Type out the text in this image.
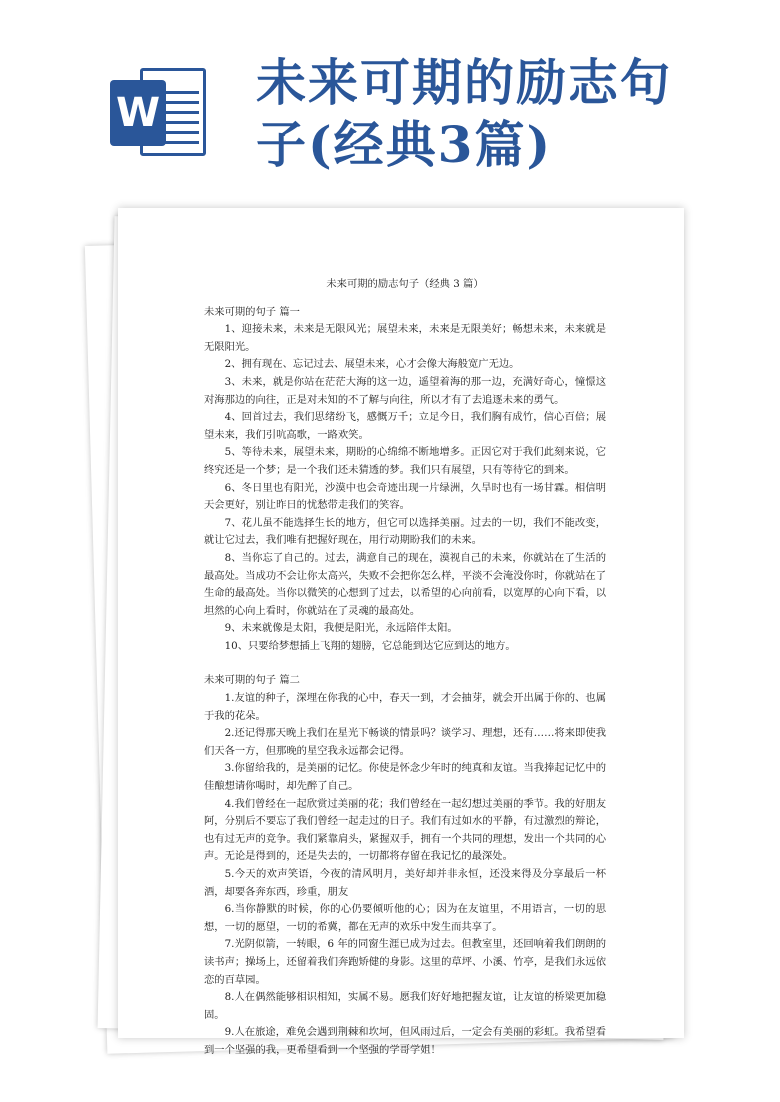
W
未来可期的励志句
子(经典3篇)
未来可期的励志句子（经典 3 篇）

未来可期的句子 篇一

1、迎接未来，未来是无限风光；展望未来，未来是无限美好；畅想未来，未来就是无限阳光。

2、拥有现在、忘记过去、展望未来，心才会像大海般宽广无边。

3、未来，就是你站在茫茫大海的这一边，遥望着海的那一边，充满好奇心，憧憬这对海那边的向往，正是对未知的不了解与向往，所以才有了去追逐未来的勇气。

4、回首过去，我们思绪纷飞，感慨万千；立足今日，我们胸有成竹，信心百倍；展望未来，我们引吭高歌，一路欢笑。

5、等待未来，展望未来，期盼的心绵绵不断地增多。正因它对于我们此刻来说，它终究还是一个梦；是一个我们还未猜透的梦。我们只有展望，只有等待它的到来。

6、冬日里也有阳光，沙漠中也会奇迹出现一片绿洲，久旱时也有一场甘霖。相信明天会更好，别让昨日的忧愁带走我们的笑容。

7、花儿虽不能选择生长的地方，但它可以选择美丽。过去的一切，我们不能改变，就让它过去，我们唯有把握好现在，用行动期盼我们的未来。

8、当你忘了自己的。过去，满意自己的现在，漠视自己的未来，你就站在了生活的最高处。当成功不会让你太高兴，失败不会把你怎么样，平淡不会淹没你时，你就站在了生命的最高处。当你以微笑的心想到了过去，以希望的心向前看，以宽厚的心向下看，以坦然的心向上看时，你就站在了灵魂的最高处。

9、未来就像是太阳，我便是阳光，永远陪伴太阳。

10、只要给梦想插上飞翔的翅膀，它总能到达它应到达的地方。

未来可期的句子 篇二

1.友谊的种子，深埋在你我的心中，春天一到，才会抽芽，就会开出属于你的、也属于我的花朵。

2.还记得那天晚上我们在星光下畅谈的情景吗？谈学习、理想，还有……将来即使我们天各一方，但那晚的星空我永远都会记得。

3.你留给我的，是美丽的记忆。你使是怀念少年时的纯真和友谊。当我捧起记忆中的佳酿想请你喝时，却先醉了自己。

4.我们曾经在一起欣赏过美丽的花；我们曾经在一起幻想过美丽的季节。我的好朋友阿，分别后不要忘了我们曾经一起走过的日子。我们有过如水的平静，有过激烈的辩论，也有过无声的竞争。我们紧靠肩头，紧握双手，拥有一个共同的理想，发出一个共同的心声。无论是得到的，还是失去的，一切都将存留在我记忆的最深处。

5.今天的欢声笑语，今夜的清风明月，美好却并非永恒，还没来得及分享最后一杯酒，却要各奔东西，珍重，朋友

6.当你静默的时候，你的心仍要倾听他的心；因为在友谊里，不用语言，一切的思想，一切的愿望，一切的希冀，都在无声的欢乐中发生而共享了。

7.光阴似箭，一转眼，6 年的同窗生涯已成为过去。但教室里，还回响着我们朗朗的读书声；操场上，还留着我们奔跑矫健的身影。这里的草坪、小溪、竹亭，是我们永远依恋的百草园。

8.人在偶然能够相识相知，实属不易。愿我们好好地把握友谊，让友谊的桥梁更加稳固。

9.人在旅途，难免会遇到荆棘和坎坷，但风雨过后，一定会有美丽的彩虹。我希望看到一个坚强的我，更希望看到一个坚强的学哥学姐！
